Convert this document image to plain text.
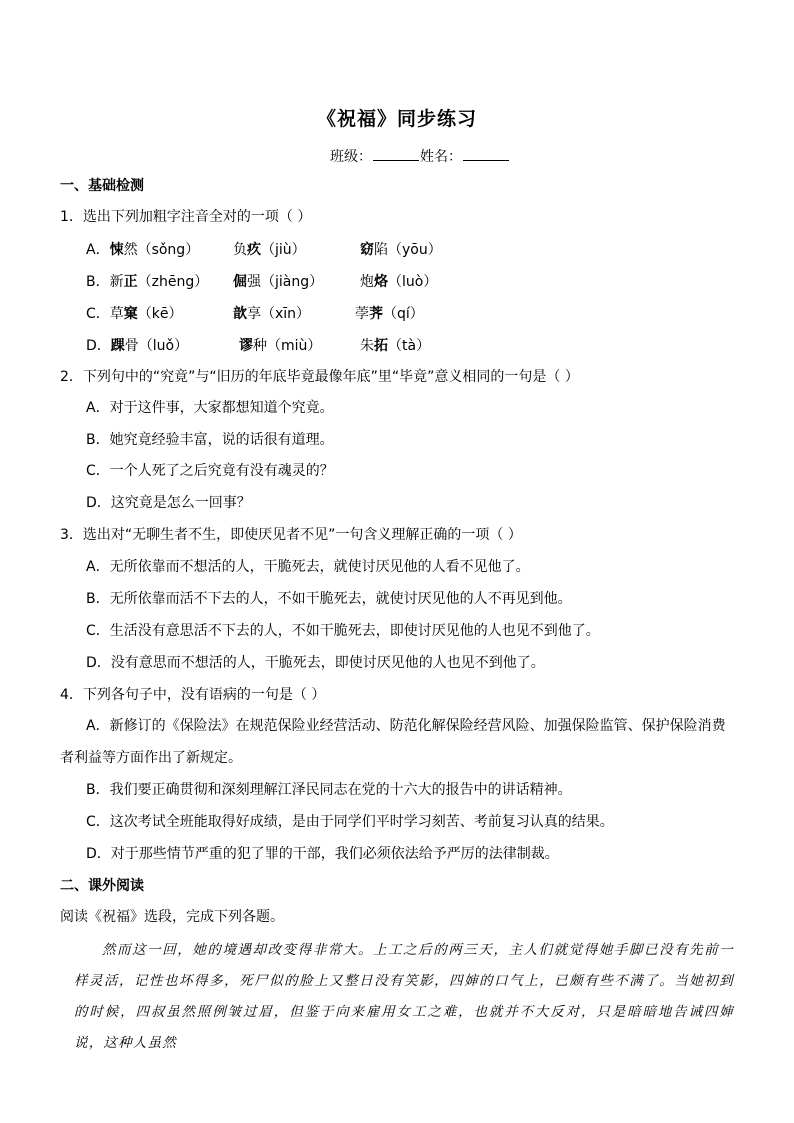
《祝福》同步练习
班级：	姓名：
一、基础检测
1．选出下列加粗字注音全对的一项（ ）
A．悚然（sǒng） 负疚（jiù）	窈陷（yōu）
B．新正（zhēng） 倔强（jiàng）	炮烙（luò）
C．草窠（kē）	歆享（xīn）	荸荠（qí）
D．踝骨（luǒ）	谬种（miù）	朱拓（tà）
2．下列句中的“究竟”与“旧历的年底毕竟最像年底”里“毕竟”意义相同的一句是（ ）
A．对于这件事，大家都想知道个究竟。
B．她究竟经验丰富，说的话很有道理。
C．一个人死了之后究竟有没有魂灵的？
D．这究竟是怎么一回事？
3．选出对“无聊生者不生，即使厌见者不见”一句含义理解正确的一项（ ）
A．无所依靠而不想活的人，干脆死去，就使讨厌见他的人看不见他了。
B．无所依靠而活不下去的人，不如干脆死去，就使讨厌见他的人不再见到他。
C．生活没有意思活不下去的人，不如干脆死去，即使讨厌见他的人也见不到他了。
D．没有意思而不想活的人，干脆死去，即使讨厌见他的人也见不到他了。
4．下列各句子中，没有语病的一句是（ ）
A．新修订的《保险法》在规范保险业经营活动、防范化解保险经营风险、加强保险监管、保护保险消费
者利益等方面作出了新规定。
B．我们要正确贯彻和深刻理解江泽民同志在党的十六大的报告中的讲话精神。
C．这次考试全班能取得好成绩，是由于同学们平时学习刻苦、考前复习认真的结果。
D．对于那些情节严重的犯了罪的干部，我们必须依法给予严厉的法律制裁。
二、课外阅读
阅读《祝福》选段，完成下列各题。
然而这一回，她的境遇却改变得非常大。上工之后的两三天，主人们就觉得她手脚已没有先前一样灵活，记性也坏得多，死尸似的脸上又整日没有笑影，四婶的口气上，已颇有些不满了。当她初到的时候，四叔虽然照例皱过眉，但鉴于向来雇用女工之难，也就并不大反对，只是暗暗地告诫四婶说，这种人虽然
